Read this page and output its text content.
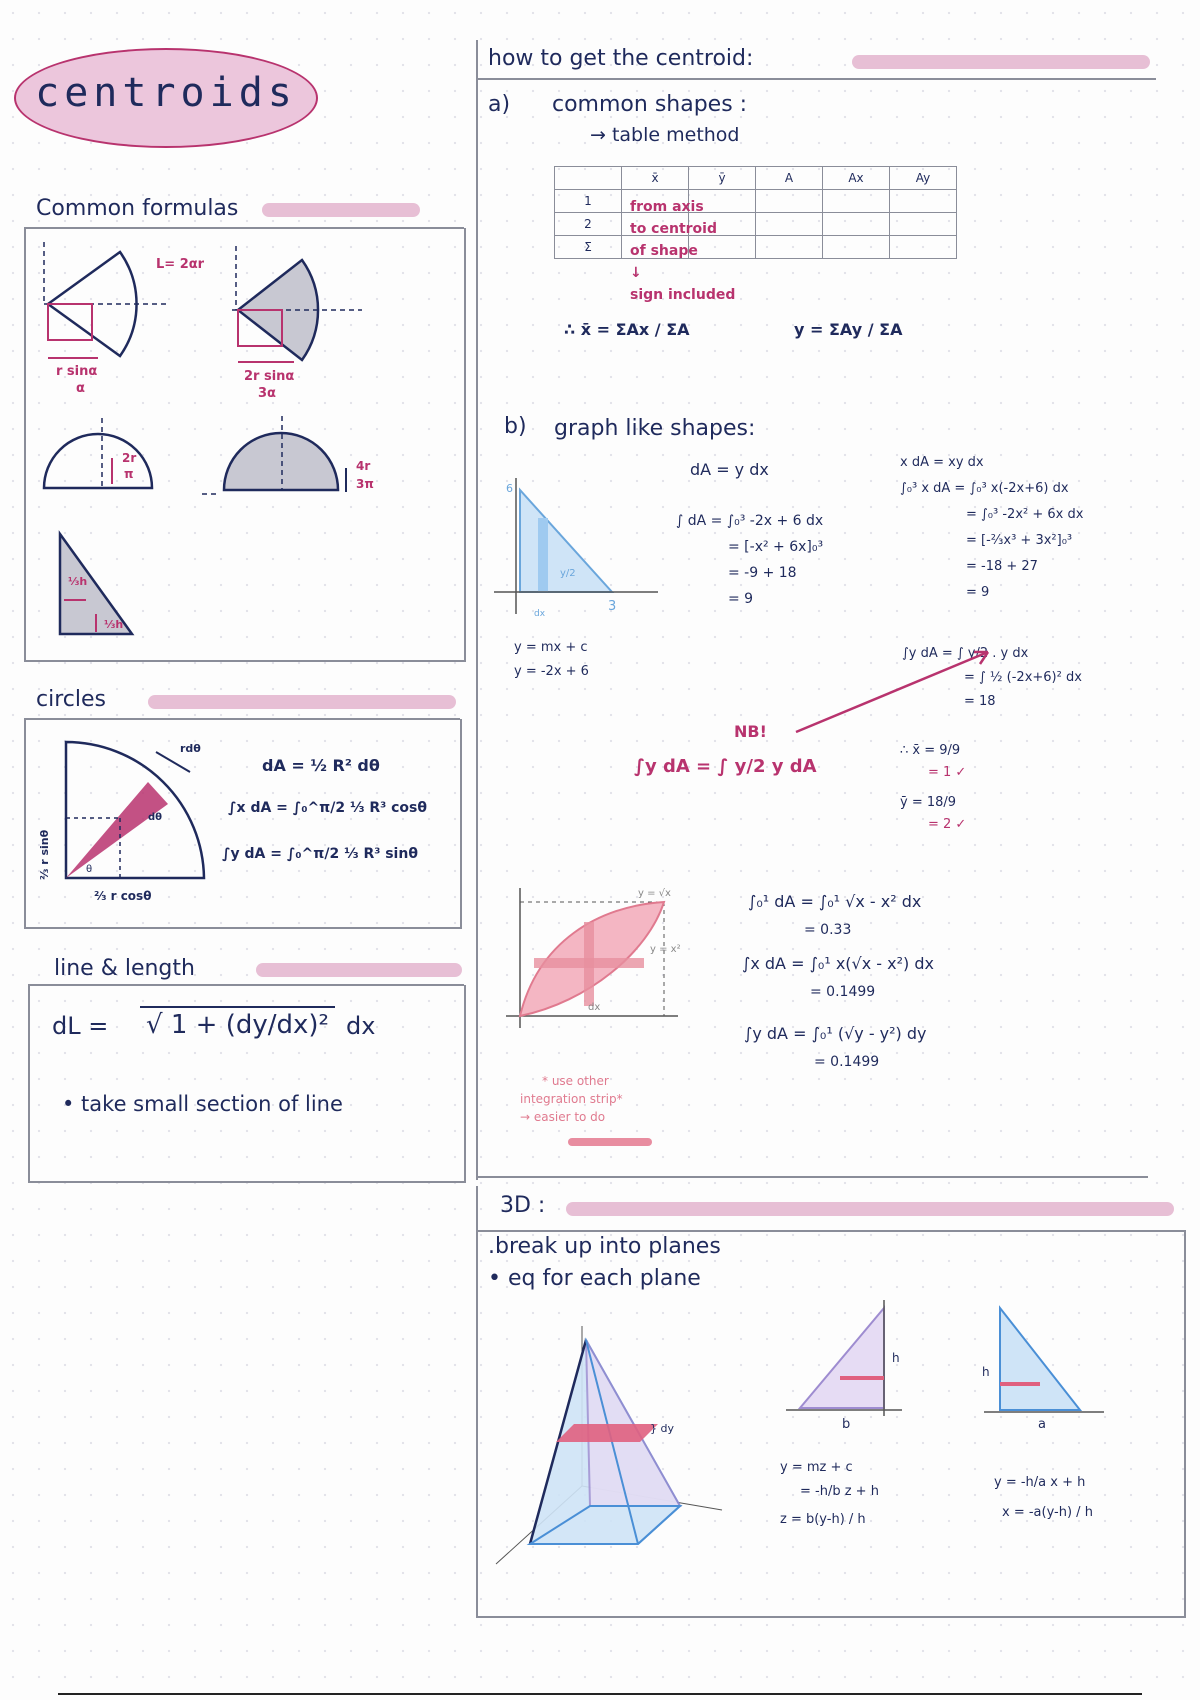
centroids
Common formulas
L= 2αr
r sinα
α
2r sinα
3α
2r
π
4r
3π
⅓h
⅓h
circles
rdθ
dθ
θ
⅔ r sinθ
⅔ r cosθ
dA = ½ R² dθ
∫x dA = ∫₀^π/2 ⅓ R³ cosθ
∫y dA = ∫₀^π/2 ⅓ R³ sinθ
line & length
dL = √ 1 + (dy/dx)² dx
• take small section of line
how to get the centroid:
a) common shapes :
→ table method
	x̄	ȳ	A	Ax	Ay
1					
2					
Σ					
from axis
to centroid
of shape
↓
sign included
∴ x̄ = ΣAx / ΣA	y = ΣAy / ΣA
b) graph like shapes:
6
3
dx
y/2
y = mx + c
y = -2x + 6
dA = y dx
∫ dA = ∫₀³ -2x + 6 dx
= [-x² + 6x]₀³
= -9 + 18
= 9
x dA = xy dx
∫₀³ x dA = ∫₀³ x(-2x+6) dx
= ∫₀³ -2x² + 6x dx
= [-⅔x³ + 3x²]₀³
= -18 + 27
= 9
∫y dA = ∫ y/2 . y dx
= ∫ ½ (-2x+6)² dx
= 18
NB!
∫y dA = ∫ y/2 y dA
∴ x̄ = 9/9
= 1 ✓
ȳ = 18/9
= 2 ✓
y = √x
y = x²
dx
∫₀¹ dA = ∫₀¹ √x - x² dx
= 0.33
∫x dA = ∫₀¹ x(√x - x²) dx
= 0.1499
∫y dA = ∫₀¹ (√y - y²) dy
= 0.1499
* use other
integration strip*
→ easier to do
3D :
.break up into planes
• eq for each plane
} dy
h
b
y = mz + c
= -h/b z + h
z = b(y-h) / h
h
a
y = -h/a x + h
x = -a(y-h) / h
